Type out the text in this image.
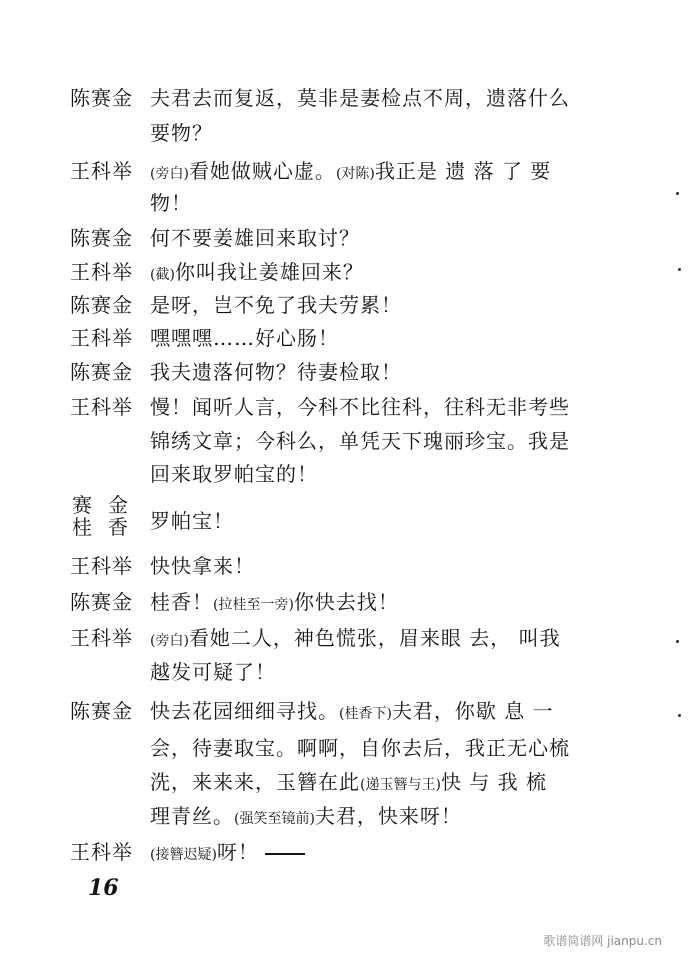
陈赛金 夫君去而复返，莫非是妻检点不周，遗落什么
要物？
王科举 (旁白)看她做贼心虚。(对陈)我正是 遗 落 了 要
物！
陈赛金 何不要姜雄回来取讨？
王科举 (截)你叫我让姜雄回来？
陈赛金 是呀，岂不免了我夫劳累！
王科举 嘿嘿嘿……好心肠！
陈赛金 我夫遗落何物？待妻检取！
王科举 慢！闻听人言，今科不比往科，往科无非考些
锦绣文章；今科么，单凭天下瑰丽珍宝。我是
回来取罗帕宝的！
赛金
桂香 罗帕宝！
王科举 快快拿来！
陈赛金 桂香！(拉桂至一旁)你快去找！
王科举 (旁白)看她二人，神色慌张，眉来眼 去， 叫我
越发可疑了！
陈赛金 快去花园细细寻找。(桂香下)夫君，你歇 息 一
会，待妻取宝。啊啊，自你去后，我正无心梳
洗，来来来，玉簪在此(递玉簪与王)快 与 我 梳
理青丝。(强笑至镜前)夫君，快来呀！
王科举 (接簪迟疑)呀！
16
歌谱简谱网 jianpu.cn
